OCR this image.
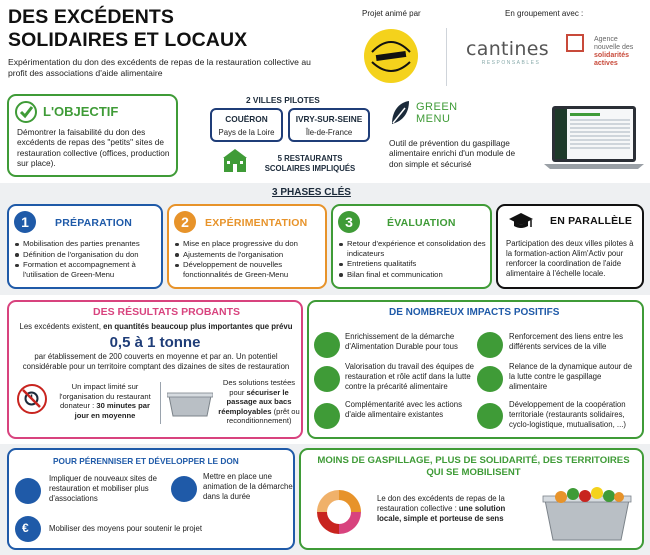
DES EXCÉDENTS
SOLIDAIRES ET LOCAUX
Expérimentation du don des excédents de repas de la restauration collective au profit des associations d'aide alimentaire
Projet animé par	En groupement avec :
cantines
RESPONSABLES
Agence
nouvelle des
solidarités
actives
L'OBJECTIF
Démontrer la faisabilité du don des excédents de repas des "petits" sites de restauration collective (offices, production sur place).
2 VILLES PILOTES
COUËRON
Pays de la Loire
IVRY-SUR-SEINE
Île-de-France
5 RESTAURANTS SCOLAIRES IMPLIQUÉS
GREEN
MENU
Outil de prévention du gaspillage alimentaire enrichi d'un module de don simple et sécurisé
3 PHASES CLÉS
1	PRÉPARATION
Mobilisation des parties prenantes
Définition de l'organisation du don
Formation et accompagnement à l'utilisation de Green-Menu
2	EXPÉRIMENTATION
Mise en place progressive du don
Ajustements de l'organisation
Développement de nouvelles fonctionnalités de Green-Menu
3	ÉVALUATION
Retour d'expérience et consolidation des indicateurs
Entretiens qualitatifs
Bilan final et communication
EN PARALLÈLE
Participation des deux villes pilotes à la formation-action Alim'Activ pour renforcer la coordination de l'aide alimentaire à l'échelle locale.
DES RÉSULTATS PROBANTS
Les excédents existent, en quantités beaucoup plus importantes que prévu
0,5 à 1 tonne
par établissement de 200 couverts en moyenne et par an. Un potentiel considérable pour un territoire comptant des dizaines de sites de restauration
Un impact limité sur l'organisation du restaurant donateur : 30 minutes par jour en moyenne
Des solutions testées pour sécuriser le passage aux bacs réemployables (prêt ou reconditionnement)
DE NOMBREUX IMPACTS POSITIFS
Enrichissement de la démarche d'Alimentation Durable pour tous
Valorisation du travail des équipes de restauration et rôle actif dans la lutte contre la précarité alimentaire
Complémentarité avec les actions d'aide alimentaire existantes
Renforcement des liens entre les différents services de la ville
Relance de la dynamique autour de la lutte contre le gaspillage alimentaire
Développement de la coopération territoriale (restaurants solidaires, cyclo-logistique, mutualisation, ...)
POUR PÉRENNISER ET DÉVELOPPER LE DON
Impliquer de nouveaux sites de restauration et mobiliser plus d'associations
Mettre en place une animation de la démarche dans la durée
€	Mobiliser des moyens pour soutenir le projet
MOINS DE GASPILLAGE, PLUS DE SOLIDARITÉ, DES TERRITOIRES QUI SE MOBILISENT
Le don des excédents de repas de la restauration collective : une solution locale, simple et porteuse de sens
